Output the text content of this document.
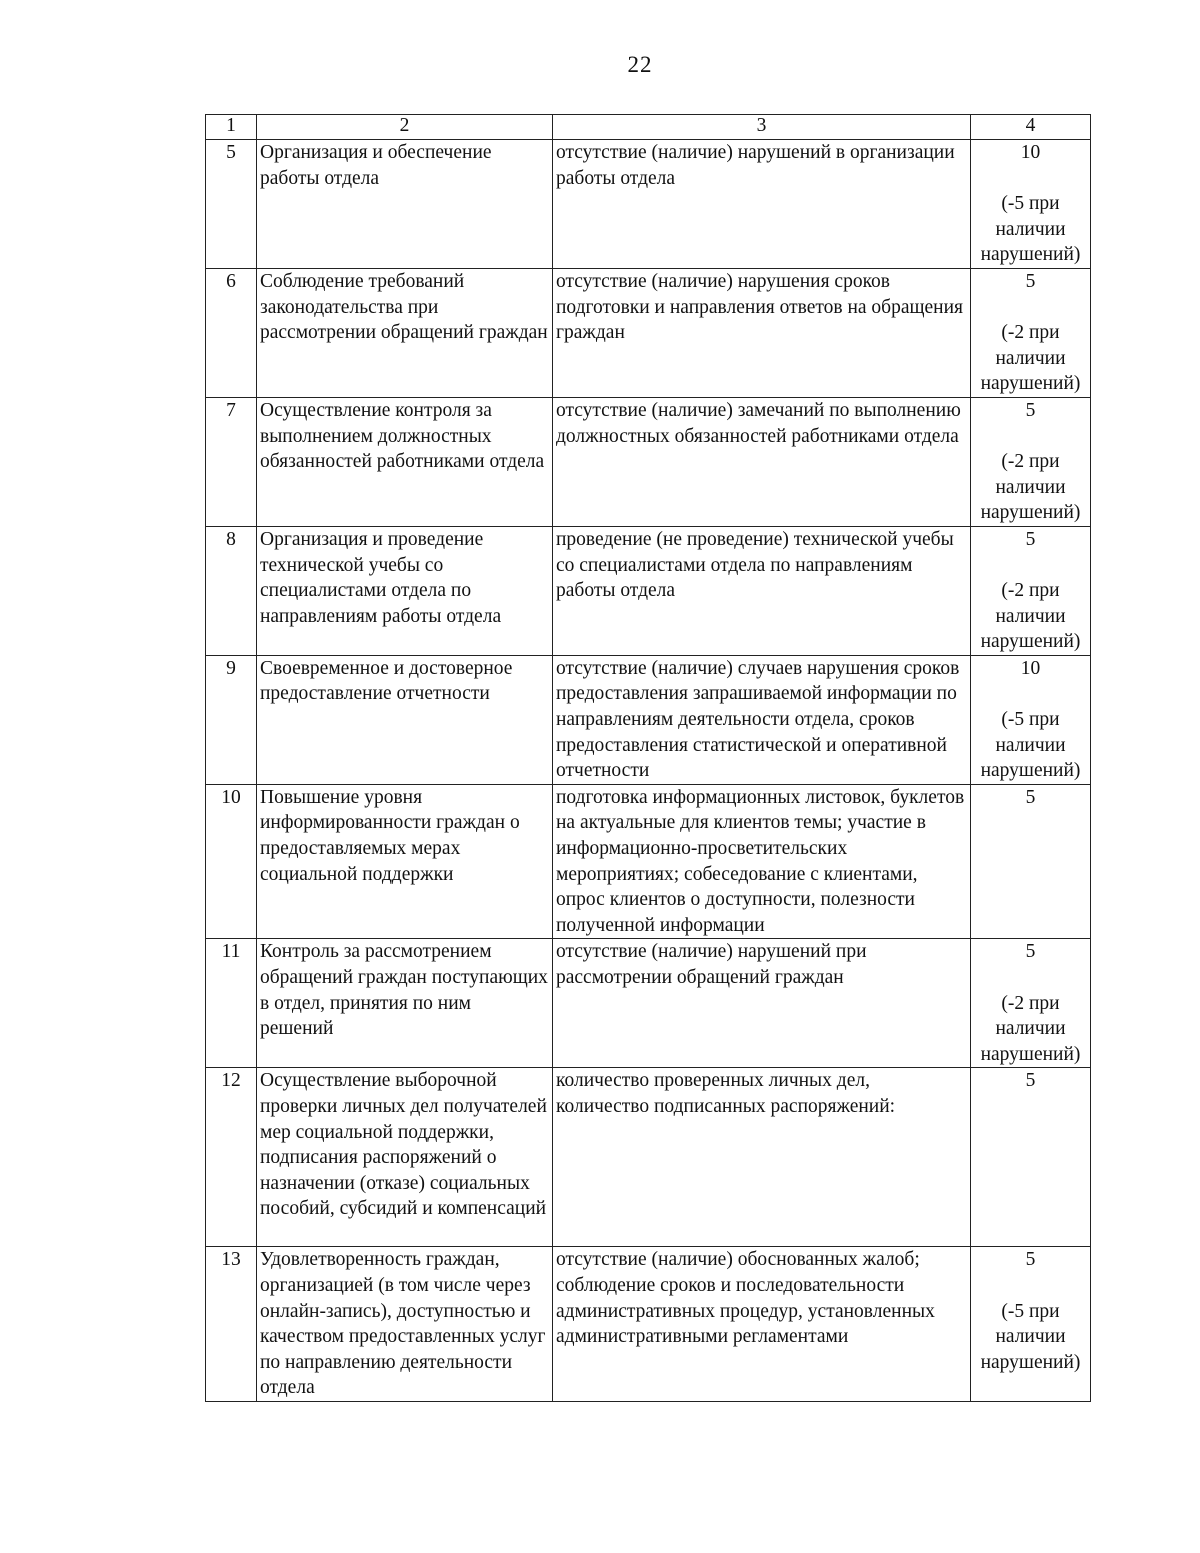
22
1	2	3	4
5	Организация и обеспечение работы отдела	отсутствие (наличие) нарушений в организации работы отдела	10
(-5 при наличии нарушений)

6	Соблюдение требований законодательства при рассмотрении обращений граждан	отсутствие (наличие) нарушения сроков подготовки и направления ответов на обращения граждан	5
(-2 при наличии нарушений)

7	Осуществление контроля за выполнением должностных обязанностей работниками отдела	отсутствие (наличие) замечаний по выполнению должностных обязанностей работниками отдела	5
(-2 при наличии нарушений)

8	Организация и проведение технической учебы со специалистами отдела по направлениям работы отдела	проведение (не проведение) технической учебы со специалистами отдела по направлениям работы отдела	5
(-2 при наличии нарушений)

9	Своевременное и достоверное предоставление отчетности	отсутствие (наличие) случаев нарушения сроков предоставления запрашиваемой информации по направлениям деятельности отдела, сроков предоставления статистической и оперативной отчетности	10
(-5 при наличии нарушений)

10	Повышение уровня информированности граждан о предоставляемых мерах социальной поддержки	подготовка информационных листовок, буклетов на актуальные для клиентов темы; участие в информационно-просветительских мероприятиях; собеседование с клиентами, опрос клиентов о доступности, полезности полученной информации	5

11	Контроль за рассмотрением обращений граждан поступающих в отдел, принятия по ним решений	отсутствие (наличие) нарушений при рассмотрении обращений граждан	5
(-2 при наличии нарушений)

12	Осуществление выборочной проверки личных дел получателей мер социальной поддержки, подписания распоряжений о назначении (отказе) социальных пособий, субсидий и компенсаций	количество проверенных личных дел, количество подписанных распоряжений:	5

13	Удовлетворенность граждан, организацией (в том числе через онлайн-запись), доступностью и качеством предоставленных услуг по направлению деятельности отдела	отсутствие (наличие) обоснованных жалоб; соблюдение сроков и последовательности административных процедур, установленных административными регламентами	5
(-5 при наличии нарушений)
